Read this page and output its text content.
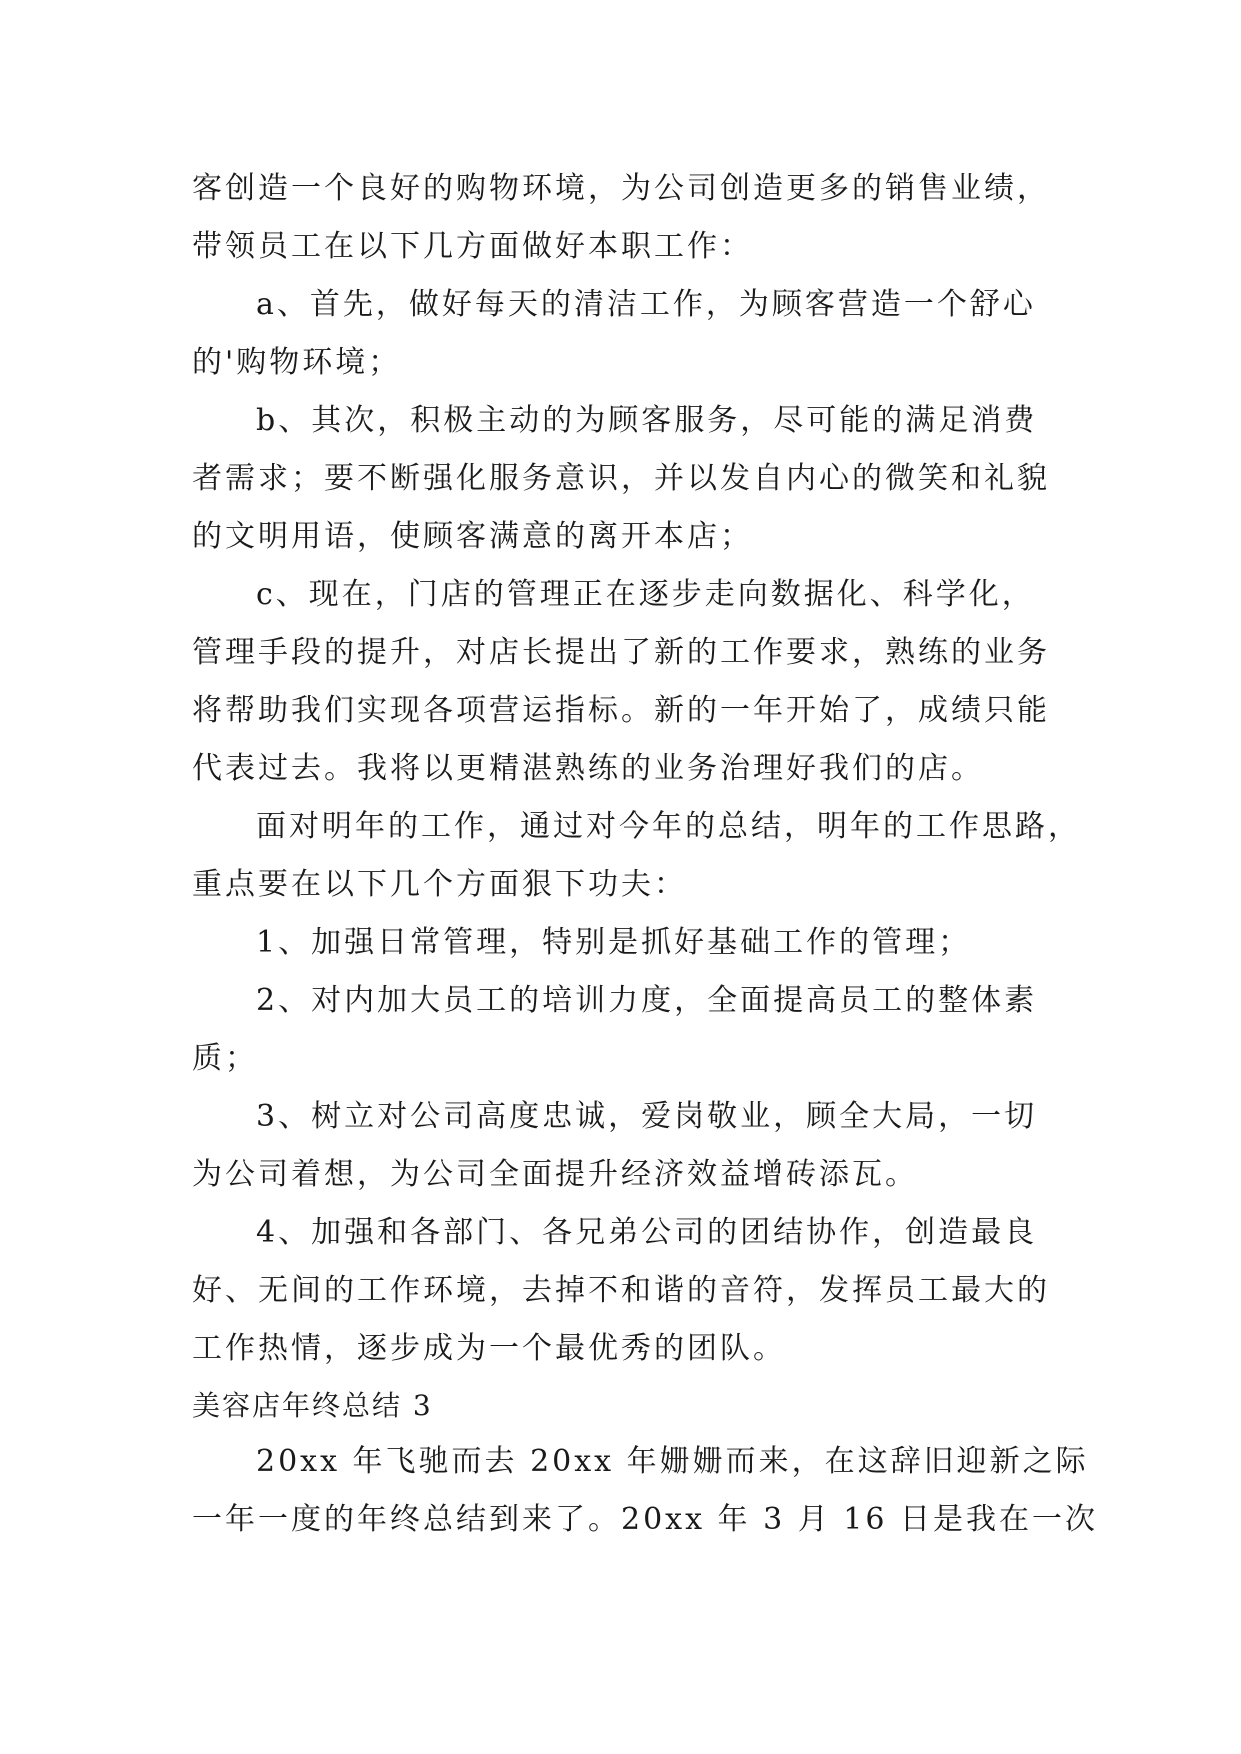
客创造一个良好的购物环境，为公司创造更多的销售业绩，
带领员工在以下几方面做好本职工作：
a、首先，做好每天的清洁工作，为顾客营造一个舒心
的'购物环境；
b、其次，积极主动的为顾客服务，尽可能的满足消费
者需求；要不断强化服务意识，并以发自内心的微笑和礼貌
的文明用语，使顾客满意的离开本店；
c、现在，门店的管理正在逐步走向数据化、科学化，
管理手段的提升，对店长提出了新的工作要求，熟练的业务
将帮助我们实现各项营运指标。新的一年开始了，成绩只能
代表过去。我将以更精湛熟练的业务治理好我们的店。
面对明年的工作，通过对今年的总结，明年的工作思路，
重点要在以下几个方面狠下功夫：
1、加强日常管理，特别是抓好基础工作的管理；
2、对内加大员工的培训力度，全面提高员工的整体素
质；
3、树立对公司高度忠诚，爱岗敬业，顾全大局，一切
为公司着想，为公司全面提升经济效益增砖添瓦。
4、加强和各部门、各兄弟公司的团结协作，创造最良
好、无间的工作环境，去掉不和谐的音符，发挥员工最大的
工作热情，逐步成为一个最优秀的团队。
美容店年终总结 3
20xx 年飞驰而去 20xx 年姗姗而来，在这辞旧迎新之际
一年一度的年终总结到来了。20xx 年 3 月 16 日是我在一次
